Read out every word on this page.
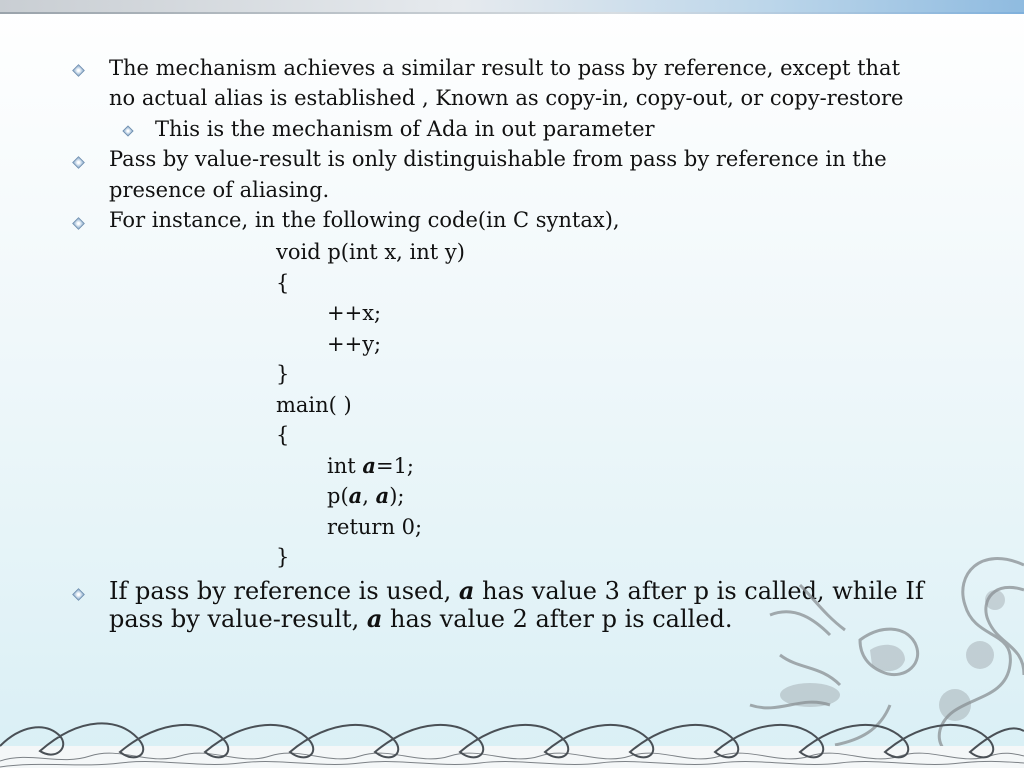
The mechanism achieves a similar result to pass by reference, except that
no actual alias is established , Known as copy-in, copy-out, or copy-restore
This is the mechanism of Ada in out parameter
Pass by value-result is only distinguishable from pass by reference in the
presence of aliasing.
For instance, in the following code(in C syntax),
void p(int x, int y)
{
++x;
++y;
}
main( )
{
int a=1;
p(a, a);
return 0;
}
If pass by reference is used, a has value 3 after p is called, while If
pass by value-result, a has value 2 after p is called.
